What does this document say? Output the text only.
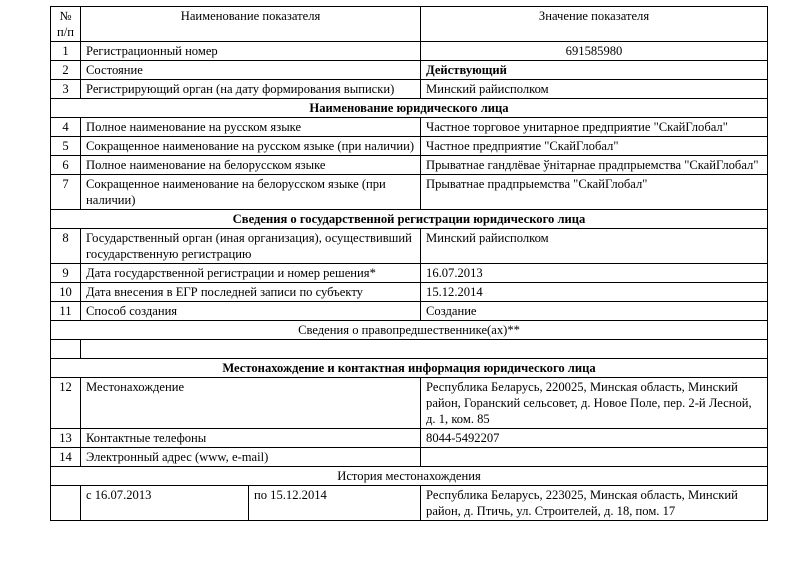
№ п/п	Наименование показателя		Значение показателя
1	Регистрационный номер		691585980
2	Состояние		Действующий
3	Регистрирующий орган (на дату формирования выписки)		Минский райисполком
Наименование юридического лица			
4	Полное наименование на русском языке		Частное торговое унитарное предприятие "СкайГлобал"
5	Сокращенное наименование на русском языке (при наличии)		Частное предприятие "СкайГлобал"
6	Полное наименование на белорусском языке		Прыватнае гандлёвае ўнітарнае прадпрыемства "СкайГлобал"
7	Сокращенное наименование на белорусском языке (при наличии)		Прыватнае прадпрыемства "СкайГлобал"
Сведения о государственной регистрации юридического лица			
8	Государственный орган (иная организация), осуществивший государственную регистрацию		Минский райисполком
9	Дата государственной регистрации и номер решения*		16.07.2013
10	Дата внесения в ЕГР последней записи по субъекту		15.12.2014
11	Способ создания		Создание
Сведения о правопредшественнике(ах)**			

Местонахождение и контактная информация юридического лица			
12	Местонахождение		Республика Беларусь, 220025, Минская область, Минский район, Горанский сельсовет, д. Новое Поле, пер. 2-й Лесной, д. 1, ком. 85
13	Контактные телефоны		8044-5492207
14	Электронный адрес (www, e-mail)		
История местонахождения			
	с 16.07.2013	по 15.12.2014	Республика Беларусь, 223025, Минская область, Минский район, д. Птичь, ул. Строителей, д. 18, пом. 17
